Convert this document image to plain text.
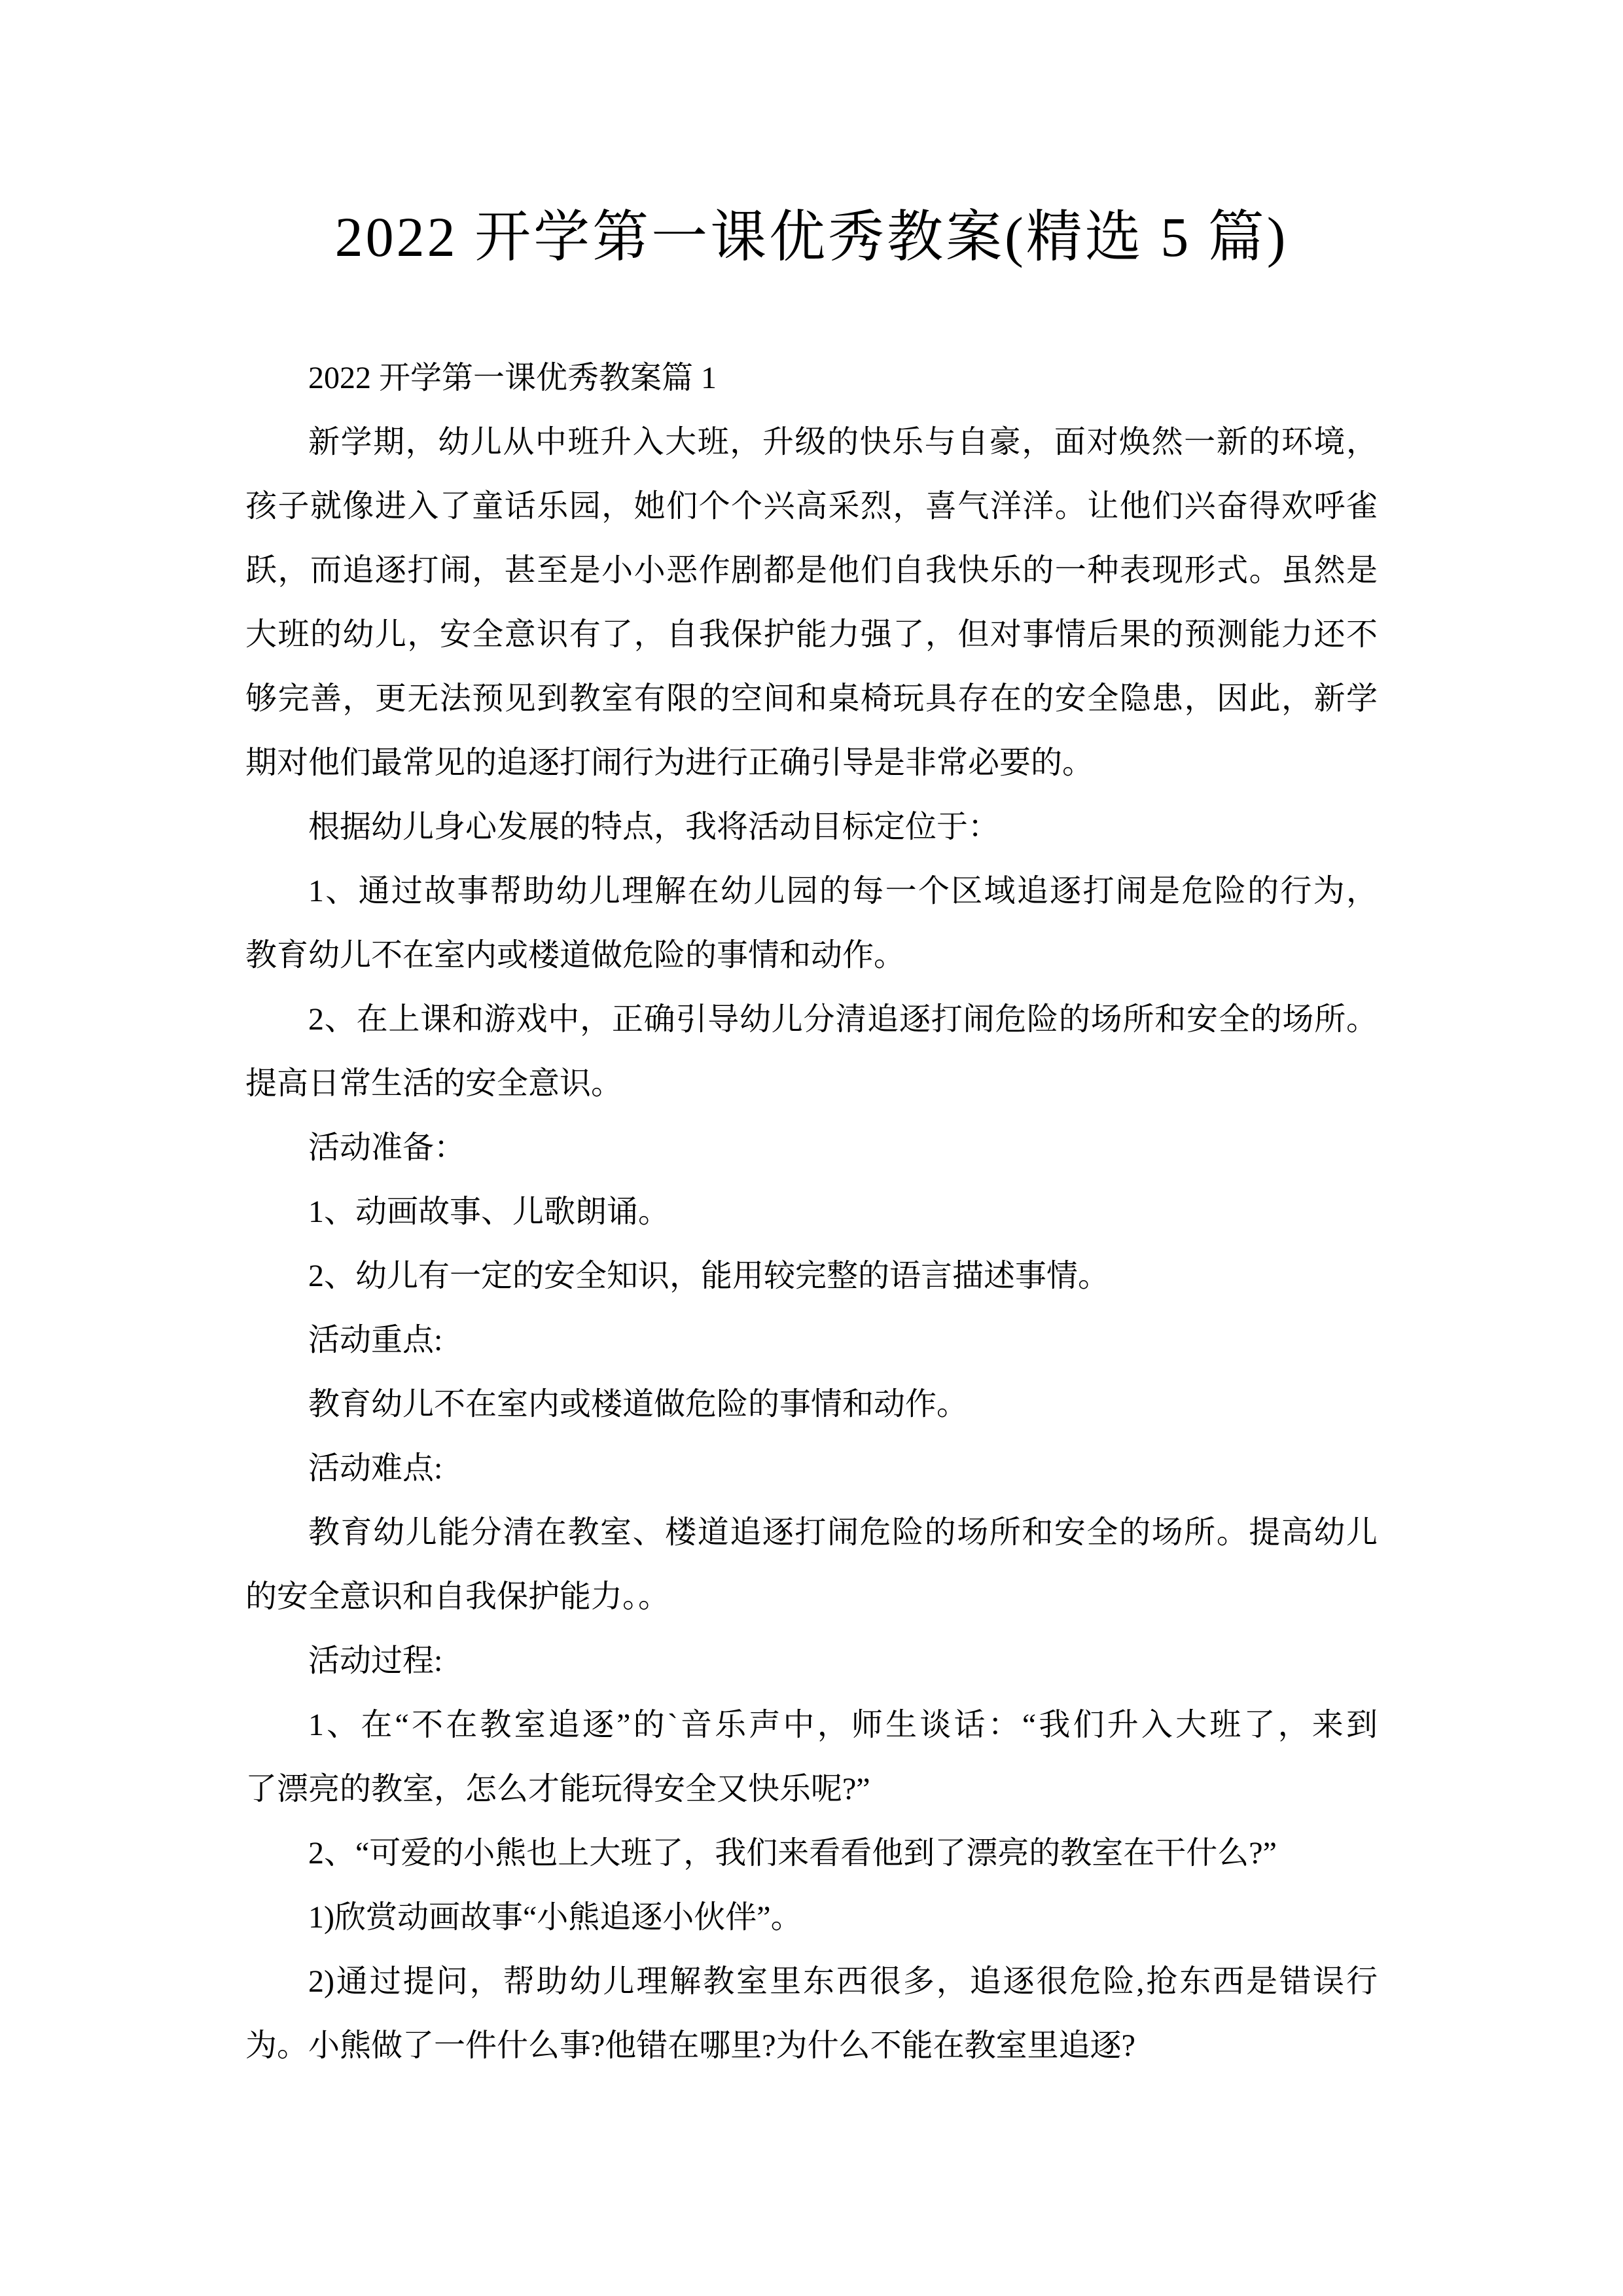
2022 开学第一课优秀教案(精选 5 篇)
2022 开学第一课优秀教案篇 1
新学期，幼儿从中班升入大班，升级的快乐与自豪，面对焕然一新的环境，
孩子就像进入了童话乐园，她们个个兴高采烈，喜气洋洋。让他们兴奋得欢呼雀
跃，而追逐打闹，甚至是小小恶作剧都是他们自我快乐的一种表现形式。虽然是
大班的幼儿，安全意识有了，自我保护能力强了，但对事情后果的预测能力还不
够完善，更无法预见到教室有限的空间和桌椅玩具存在的安全隐患，因此，新学
期对他们最常见的追逐打闹行为进行正确引导是非常必要的。
根据幼儿身心发展的特点，我将活动目标定位于：
1、通过故事帮助幼儿理解在幼儿园的每一个区域追逐打闹是危险的行为，
教育幼儿不在室内或楼道做危险的事情和动作。
2、在上课和游戏中，正确引导幼儿分清追逐打闹危险的场所和安全的场所。
提高日常生活的安全意识。
活动准备：
1、动画故事、儿歌朗诵。
2、幼儿有一定的安全知识，能用较完整的语言描述事情。
活动重点:
教育幼儿不在室内或楼道做危险的事情和动作。
活动难点:
教育幼儿能分清在教室、楼道追逐打闹危险的场所和安全的场所。提高幼儿
的安全意识和自我保护能力。。
活动过程:
1、在“不在教室追逐”的`音乐声中，师生谈话：“我们升入大班了，来到
了漂亮的教室，怎么才能玩得安全又快乐呢?”
2、“可爱的小熊也上大班了，我们来看看他到了漂亮的教室在干什么?”
1)欣赏动画故事“小熊追逐小伙伴”。
2)通过提问，帮助幼儿理解教室里东西很多，追逐很危险,抢东西是错误行
为。小熊做了一件什么事?他错在哪里?为什么不能在教室里追逐?
